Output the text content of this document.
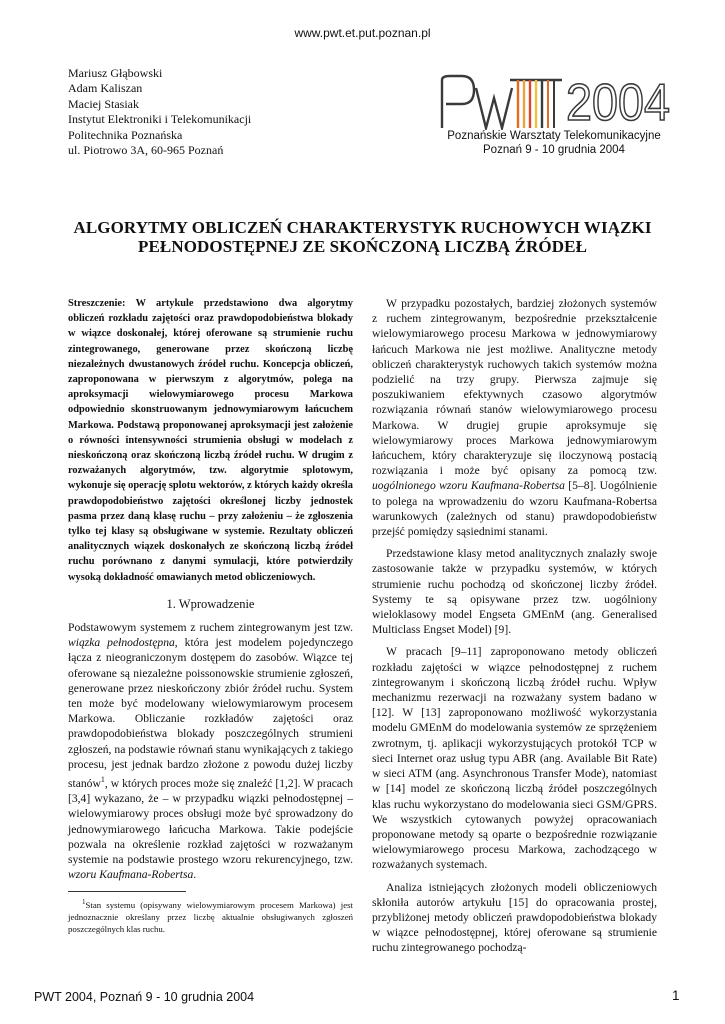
www.pwt.et.put.poznan.pl
Mariusz Głąbowski
Adam Kaliszan
Maciej Stasiak
Instytut Elektroniki i Telekomunikacji
Politechnika Poznańska
ul. Piotrowo 3A, 60-965 Poznań
2004
Poznańskie Warsztaty Telekomunikacyjne
Poznań 9 - 10 grudnia 2004
ALGORYTMY OBLICZEŃ CHARAKTERYSTYK RUCHOWYCH WIĄZKI
PEŁNODOSTĘPNEJ ZE SKOŃCZONĄ LICZBĄ ŹRÓDEŁ

Streszczenie: W artykule przedstawiono dwa algorytmy obliczeń rozkładu zajętości oraz prawdopodobieństwa blokady w wiązce doskonałej, której oferowane są strumienie ruchu zintegrowanego, generowane przez skończoną liczbę niezależnych dwustanowych źródeł ruchu. Koncepcja obliczeń, zaproponowana w pierwszym z algorytmów, polega na aproksymacji wielowymiarowego procesu Markowa odpowiednio skonstruowanym jednowymiarowym łańcuchem Markowa. Podstawą proponowanej aproksymacji jest założenie o równości intensywności strumienia obsługi w modelach z nieskończoną oraz skończoną liczbą źródeł ruchu. W drugim z rozważanych algorytmów, tzw. algorytmie splotowym, wykonuje się operację splotu wektorów, z których każdy określa prawdopodobieństwo zajętości określonej liczby jednostek pasma przez daną klasę ruchu – przy założeniu – że zgłoszenia tylko tej klasy są obsługiwane w systemie. Rezultaty obliczeń analitycznych wiązek doskonałych ze skończoną liczbą źródeł ruchu porównano z danymi symulacji, które potwierdziły wysoką dokładność omawianych metod obliczeniowych.

1. Wprowadzenie

Podstawowym systemem z ruchem zintegrowanym jest tzw. wiązka pełnodostępna, która jest modelem pojedynczego łącza z nieograniczonym dostępem do zasobów. Wiązce tej oferowane są niezależne poissonowskie strumienie zgłoszeń, generowane przez nieskończony zbiór źródeł ruchu. System ten może być modelowany wielowymiarowym procesem Markowa. Obliczanie rozkładów zajętości oraz prawdopodobieństwa blokady poszczególnych strumieni zgłoszeń, na podstawie równań stanu wynikających z takiego procesu, jest jednak bardzo złożone z powodu dużej liczby stanów$^1$, w których proces może się znaleźć [1,2]. W pracach [3,4] wykazano, że – w przypadku wiązki pełnodostępnej – wielowymiarowy proces obsługi może być sprowadzony do jednowymiarowego łańcucha Markowa. Takie podejście pozwala na określenie rozkład zajętości w rozważanym systemie na podstawie prostego wzoru rekurencyjnego, tzw. wzoru Kaufmana-Robertsa.

$^1$Stan systemu (opisywany wielowymiarowym procesem Markowa) jest jednoznacznie określany przez liczbę aktualnie obsługiwanych zgłoszeń poszczególnych klas ruchu.

W przypadku pozostałych, bardziej złożonych systemów z ruchem zintegrowanym, bezpośrednie przekształcenie wielowymiarowego procesu Markowa w jednowymiarowy łańcuch Markowa nie jest możliwe. Analityczne metody obliczeń charakterystyk ruchowych takich systemów można podzielić na trzy grupy. Pierwsza zajmuje się poszukiwaniem efektywnych czasowo algorytmów rozwiązania równań stanów wielowymiarowego procesu Markowa. W drugiej grupie aproksymuje się wielowymiarowy proces Markowa jednowymiarowym łańcuchem, który charakteryzuje się iloczynową postacią rozwiązania i może być opisany za pomocą tzw. uogólnionego wzoru Kaufmana-Robertsa [5–8]. Uogólnienie to polega na wprowadzeniu do wzoru Kaufmana-Robertsa warunkowych (zależnych od stanu) prawdopodobieństw przejść pomiędzy sąsiednimi stanami.

Przedstawione klasy metod analitycznych znalazły swoje zastosowanie także w przypadku systemów, w których strumienie ruchu pochodzą od skończonej liczby źródeł. Systemy te są opisywane przez tzw. uogólniony wieloklasowy model Engseta GMEnM (ang. Generalised Multiclass Engset Model) [9].

W pracach [9–11] zaproponowano metody obliczeń rozkładu zajętości w wiązce pełnodostępnej z ruchem zintegrowanym i skończoną liczbą źródeł ruchu. Wpływ mechanizmu rezerwacji na rozważany system badano w [12]. W [13] zaproponowano możliwość wykorzystania modelu GMEnM do modelowania systemów ze sprzężeniem zwrotnym, tj. aplikacji wykorzystujących protokół TCP w sieci Internet oraz usług typu ABR (ang. Available Bit Rate) w sieci ATM (ang. Asynchronous Transfer Mode), natomiast w [14] model ze skończoną liczbą źródeł poszczególnych klas ruchu wykorzystano do modelowania sieci GSM/GPRS. We wszystkich cytowanych powyżej opracowaniach proponowane metody są oparte o bezpośrednie rozwiązanie wielowymiarowego procesu Markowa, zachodzącego w rozważanych systemach.

Analiza istniejących złożonych modeli obliczeniowych skłoniła autorów artykułu [15] do opracowania prostej, przybliżonej metody obliczeń prawdopodobieństwa blokady w wiązce pełnodostępnej, której oferowane są strumienie ruchu zintegrowanego pochodzą-

PWT 2004, Poznań 9 - 10 grudnia 2004	1
